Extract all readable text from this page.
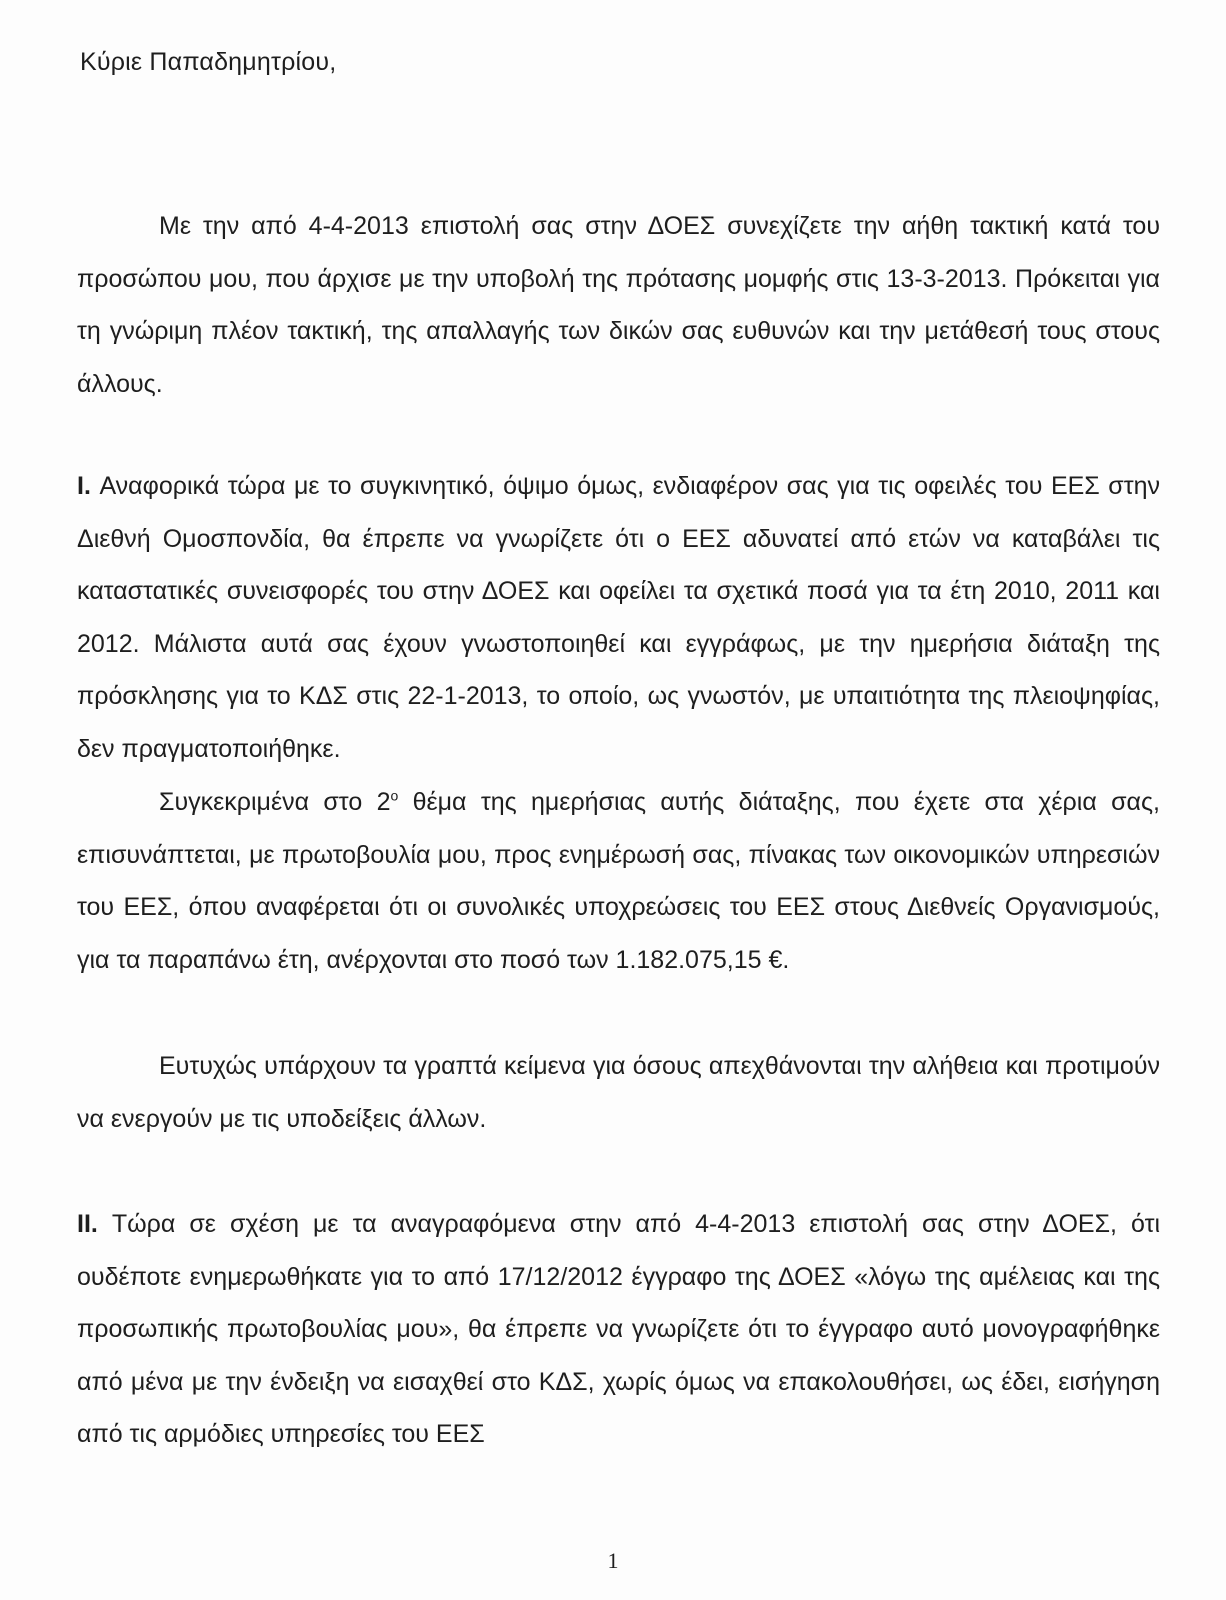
Κύριε Παπαδημητρίου,

Με την από 4-4-2013 επιστολή σας στην ΔΟΕΣ συνεχίζετε την αήθη τακτική κατά του προσώπου μου, που άρχισε με την υποβολή της πρότασης μομφής στις 13-3-2013. Πρόκειται για τη γνώριμη πλέον τακτική, της απαλλαγής των δικών σας ευθυνών και την μετάθεσή τους στους άλλους.

I. Αναφορικά τώρα με το συγκινητικό, όψιμο όμως, ενδιαφέρον σας για τις οφειλές του ΕΕΣ στην Διεθνή Ομοσπονδία, θα έπρεπε να γνωρίζετε ότι ο ΕΕΣ αδυνατεί από ετών να καταβάλει τις καταστατικές συνεισφορές του στην ΔΟΕΣ και οφείλει τα σχετικά ποσά για τα έτη 2010, 2011 και 2012. Μάλιστα αυτά σας έχουν γνωστοποιηθεί και εγγράφως, με την ημερήσια διάταξη της πρόσκλησης για το ΚΔΣ στις 22-1-2013, το οποίο, ως γνωστόν, με υπαιτιότητα της πλειοψηφίας, δεν πραγματοποιήθηκε.

Συγκεκριμένα στο $2^o$ θέμα της ημερήσιας αυτής διάταξης, που έχετε στα χέρια σας, επισυνάπτεται, με πρωτοβουλία μου, προς ενημέρωσή σας, πίνακας των οικονομικών υπηρεσιών του ΕΕΣ, όπου αναφέρεται ότι οι συνολικές υποχρεώσεις του ΕΕΣ στους Διεθνείς Οργανισμούς, για τα παραπάνω έτη, ανέρχονται στο ποσό των 1.182.075,15 €.

Ευτυχώς υπάρχουν τα γραπτά κείμενα για όσους απεχθάνονται την αλήθεια και προτιμούν να ενεργούν με τις υποδείξεις άλλων.

II. Τώρα σε σχέση με τα αναγραφόμενα στην από 4-4-2013 επιστολή σας στην ΔΟΕΣ, ότι ουδέποτε ενημερωθήκατε για το από 17/12/2012 έγγραφο της ΔΟΕΣ «λόγω της αμέλειας και της προσωπικής πρωτοβουλίας μου», θα έπρεπε να γνωρίζετε ότι το έγγραφο αυτό μονογραφήθηκε από μένα με την ένδειξη να εισαχθεί στο ΚΔΣ, χωρίς όμως να επακολουθήσει, ως έδει, εισήγηση από τις αρμόδιες υπηρεσίες του ΕΕΣ

1
